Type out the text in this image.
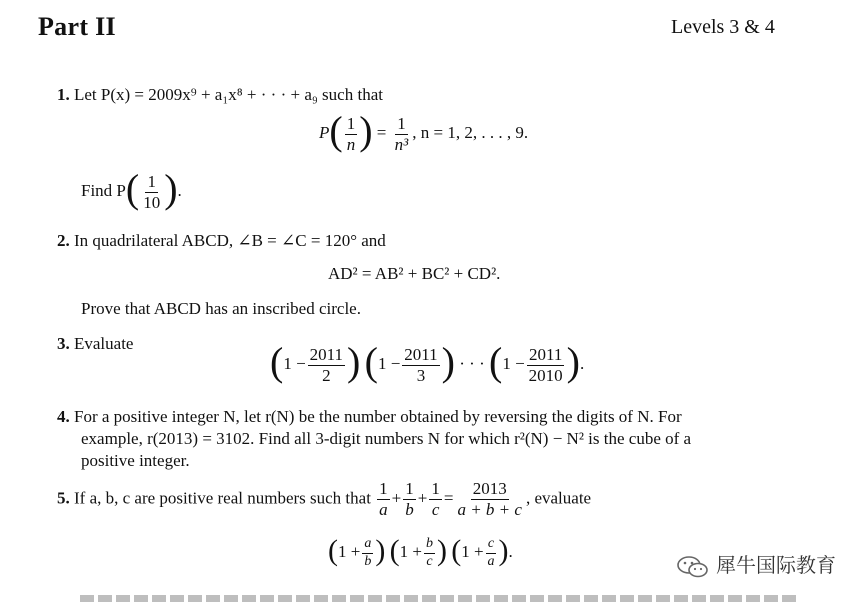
Part II	Levels 3 & 4
1. Let P(x) = 2009x⁹ + a₁x⁸ + · · · + a₉ such that
$P( \frac{1}{n}$ ) = $\frac{1}{\text{n³}}$ , n = 1, 2, . . . , 9.
Find $P( \frac{1}{10}$ ).
2. In quadrilateral ABCD, ∠B = ∠C = 120° and
AD² = AB² + BC² + CD².
Prove that ABCD has an inscribed circle.
3. Evaluate	($1 - \frac{2011}{2}$ ) ($1 - \frac{2011}{3}$ ) · · · ($1 - \frac{2011}{2010}$ ).
4. For a positive integer N, let r(N) be the number obtained by reversing the digits of N. For
example, r(2013) = 3102. Find all 3-digit numbers N for which r²(N) − N² is the cube of a
positive integer.
5. If a, b, c are positive real numbers such that $\frac{1}{a} + \frac{1}{b} + \frac{1}{c} = \frac{2013}{a + b + c}$ , evaluate
($1 + \frac{a}{b}$ ) ($1 + \frac{b}{c}$ ) ($1 + \frac{c}{a}$ ).
犀牛国际教育
